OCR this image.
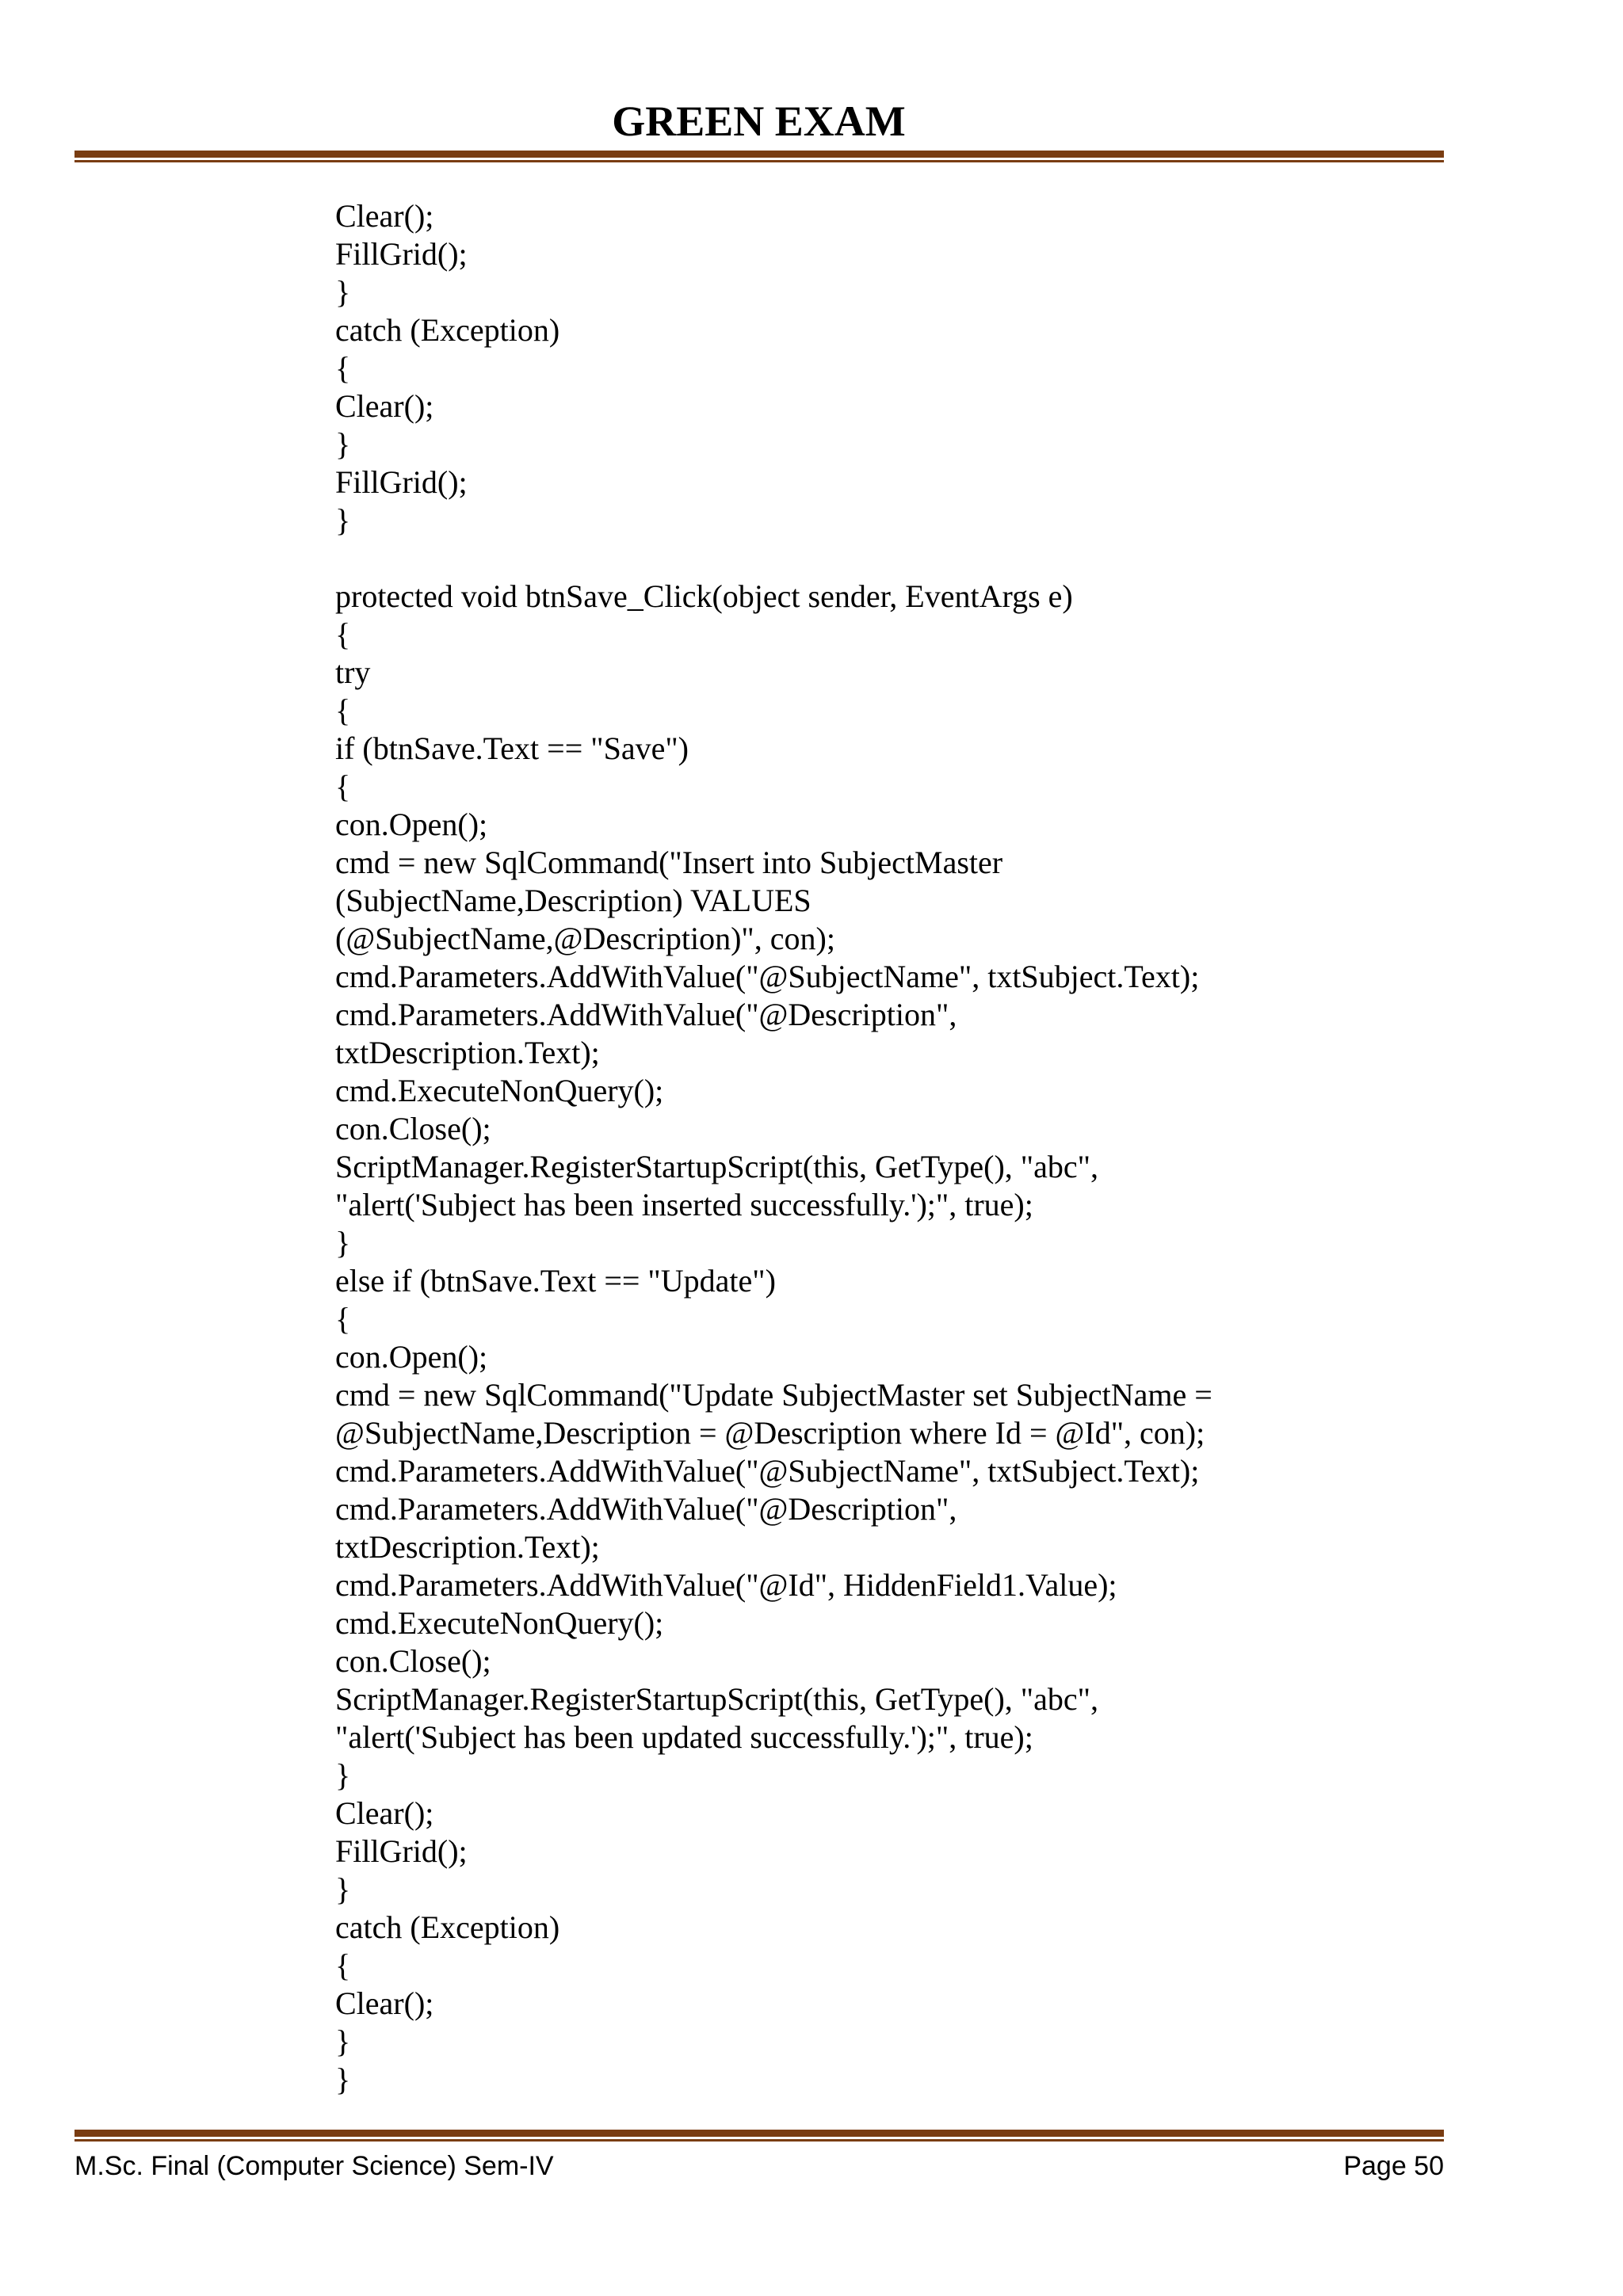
GREEN EXAM
Clear();
FillGrid();
}
catch (Exception)
{
Clear();
}
FillGrid();
}
protected void btnSave_Click(object sender, EventArgs e)
{
try
{
if (btnSave.Text == "Save")
{
con.Open();
cmd = new SqlCommand("Insert into SubjectMaster
(SubjectName,Description) VALUES
(@SubjectName,@Description)", con);
cmd.Parameters.AddWithValue("@SubjectName", txtSubject.Text);
cmd.Parameters.AddWithValue("@Description",
txtDescription.Text);
cmd.ExecuteNonQuery();
con.Close();
ScriptManager.RegisterStartupScript(this, GetType(), "abc",
"alert('Subject has been inserted successfully.');", true);
}
else if (btnSave.Text == "Update")
{
con.Open();
cmd = new SqlCommand("Update SubjectMaster set SubjectName =
@SubjectName,Description = @Description where Id = @Id", con);
cmd.Parameters.AddWithValue("@SubjectName", txtSubject.Text);
cmd.Parameters.AddWithValue("@Description",
txtDescription.Text);
cmd.Parameters.AddWithValue("@Id", HiddenField1.Value);
cmd.ExecuteNonQuery();
con.Close();
ScriptManager.RegisterStartupScript(this, GetType(), "abc",
"alert('Subject has been updated successfully.');", true);
}
Clear();
FillGrid();
}
catch (Exception)
{
Clear();
}
}
M.Sc. Final (Computer Science) Sem-IV	Page 50
